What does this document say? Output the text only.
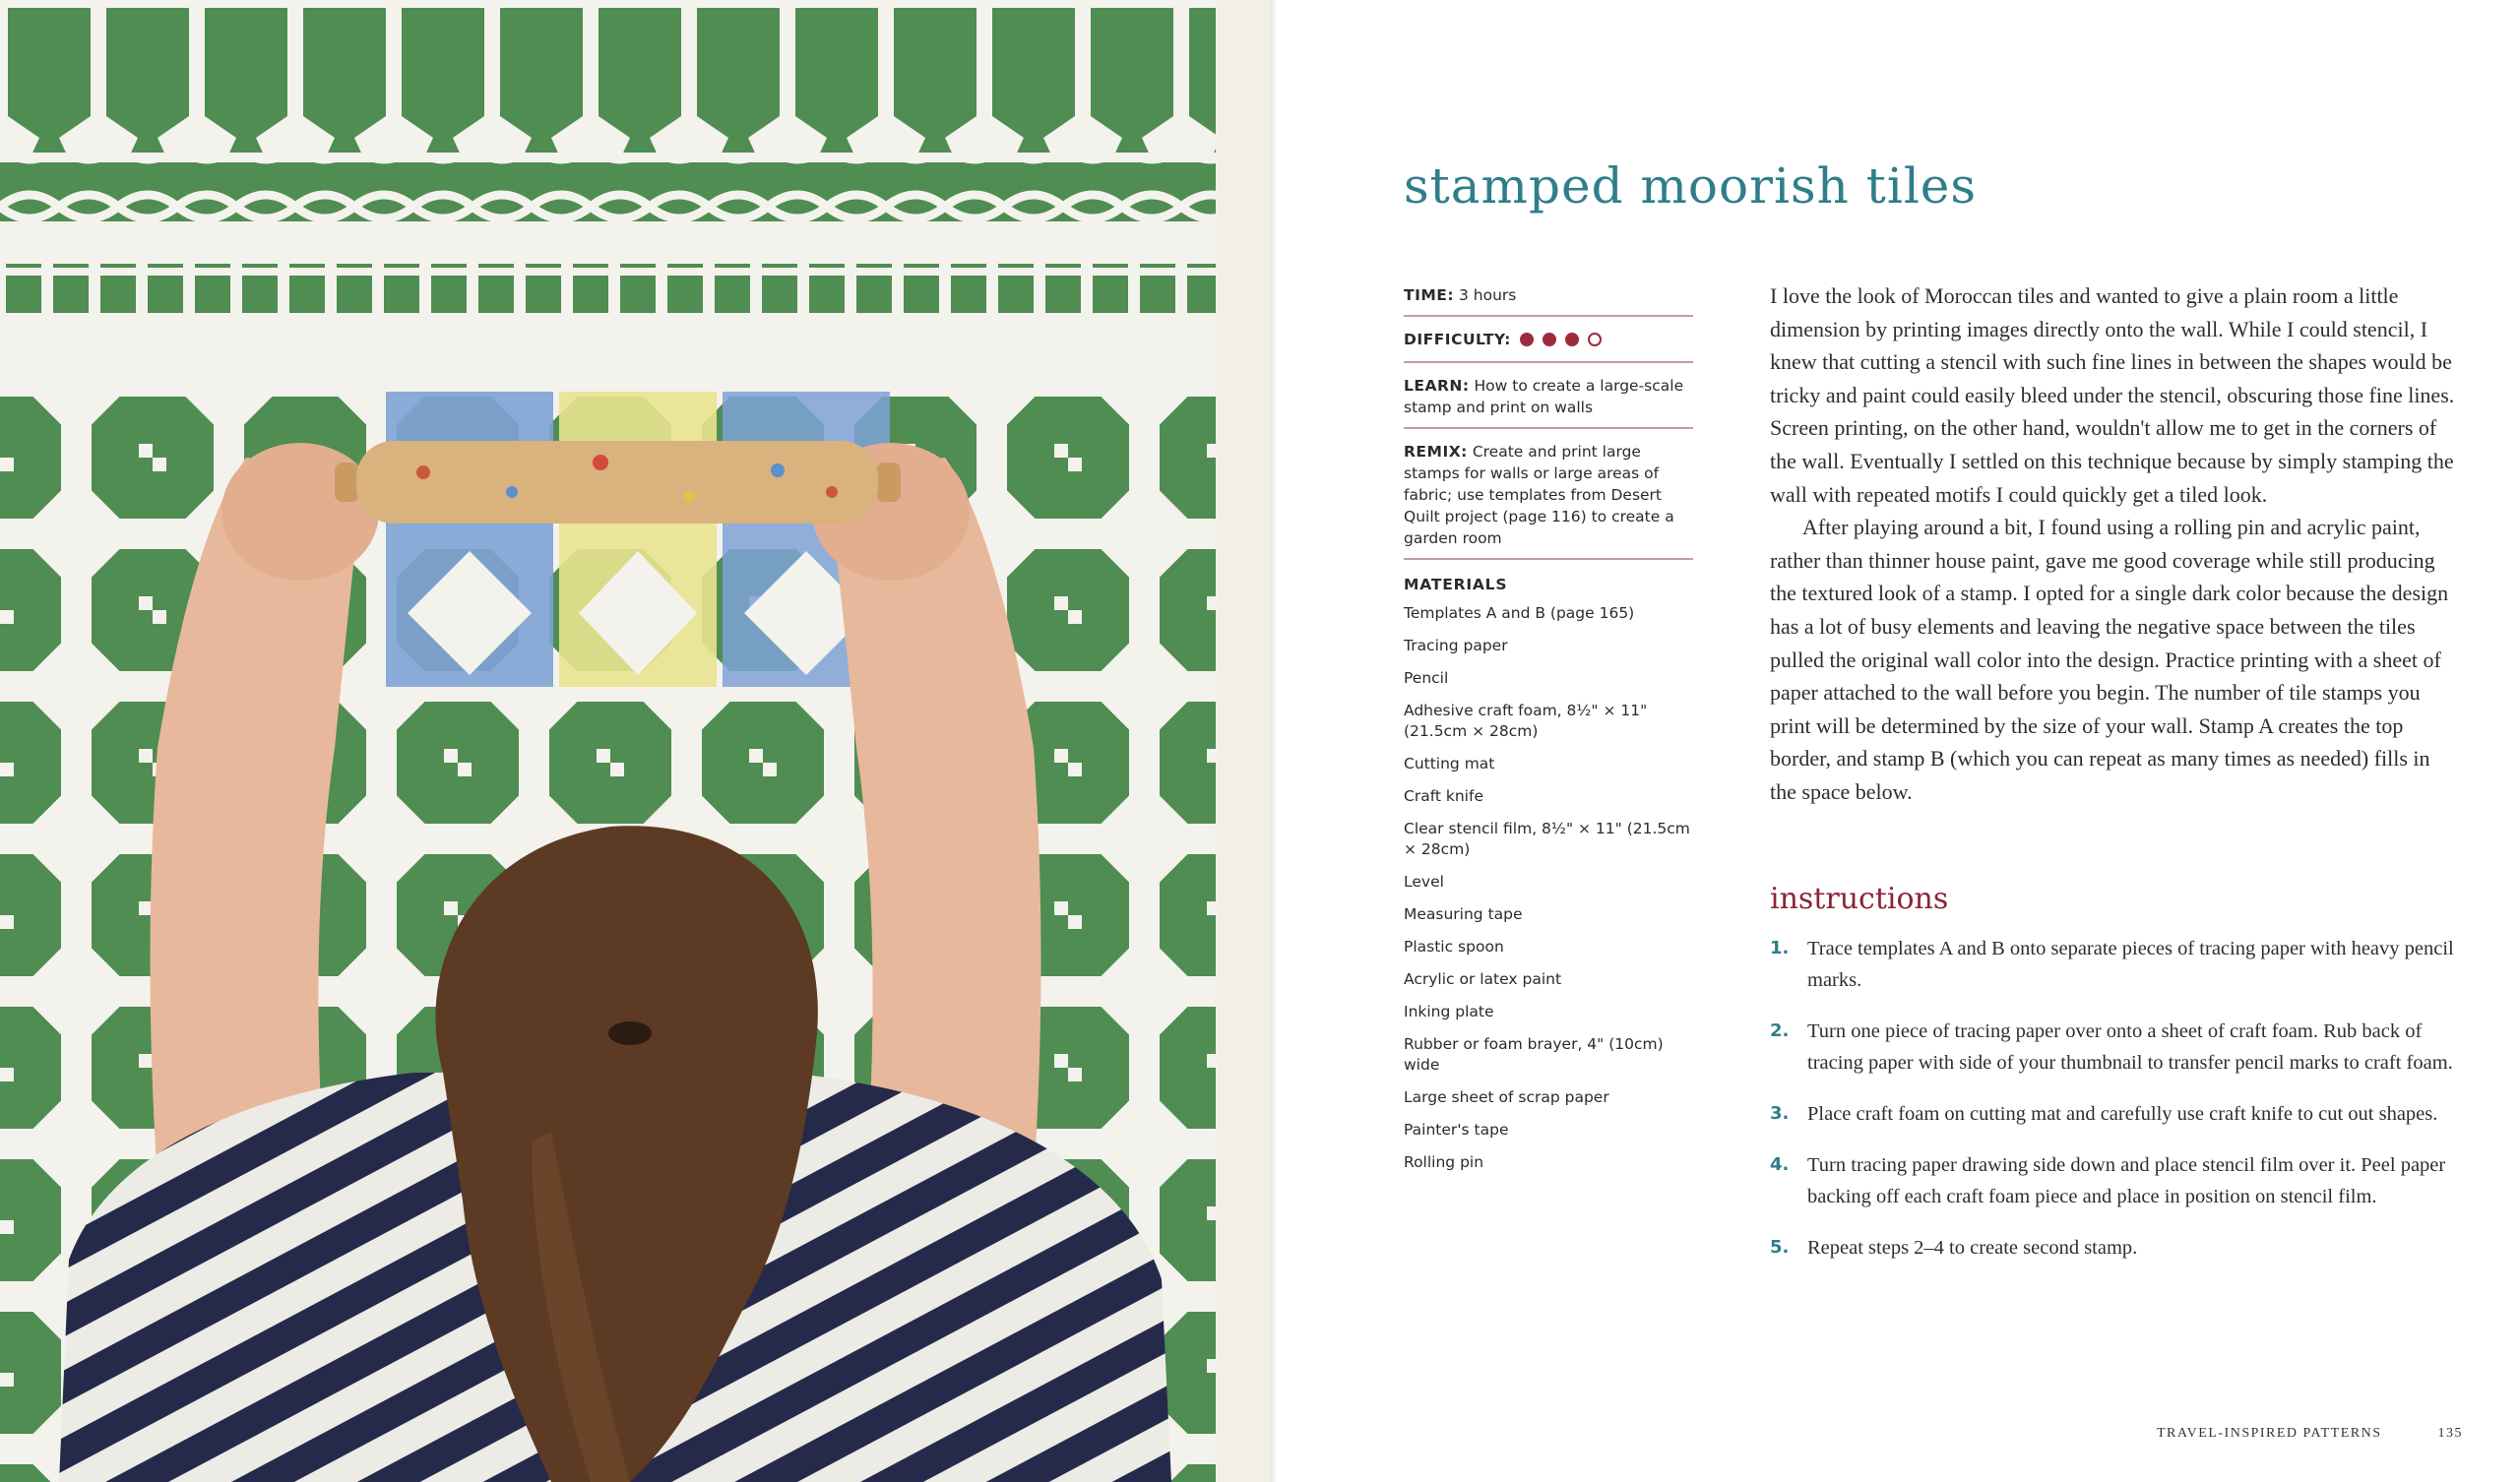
stamped moorish tiles
TIME: 3 hours
DIFFICULTY:
LEARN: How to create a large-scale stamp and print on walls
REMIX: Create and print large stamps for walls or large areas of fabric; use templates from Desert Quilt project (page 116) to create a garden room
MATERIALS
Templates A and B (page 165)
Tracing paper
Pencil
Adhesive craft foam, 8½" × 11" (21.5cm × 28cm)
Cutting mat
Craft knife
Clear stencil film, 8½" × 11" (21.5cm × 28cm)
Level
Measuring tape
Plastic spoon
Acrylic or latex paint
Inking plate
Rubber or foam brayer, 4" (10cm) wide
Large sheet of scrap paper
Painter's tape
Rolling pin

I love the look of Moroccan tiles and wanted to give a plain room a little dimension by printing images directly onto the wall. While I could stencil, I knew that cutting a stencil with such fine lines in between the shapes would be tricky and paint could easily bleed under the stencil, obscuring those fine lines. Screen printing, on the other hand, wouldn't allow me to get in the corners of the wall. Eventually I settled on this technique because by simply stamping the wall with repeated motifs I could quickly get a tiled look.

After playing around a bit, I found using a rolling pin and acrylic paint, rather than thinner house paint, gave me good coverage while still producing the textured look of a stamp. I opted for a single dark color because the design has a lot of busy elements and leaving the negative space between the tiles pulled the original wall color into the design. Practice printing with a sheet of paper attached to the wall before you begin. The number of tile stamps you print will be determined by the size of your wall. Stamp A creates the top border, and stamp B (which you can repeat as many times as needed) fills in the space below.

instructions
1. Trace templates A and B onto separate pieces of tracing paper with heavy pencil marks.
2. Turn one piece of tracing paper over onto a sheet of craft foam. Rub back of tracing paper with side of your thumbnail to transfer pencil marks to craft foam.
3. Place craft foam on cutting mat and carefully use craft knife to cut out shapes.
4. Turn tracing paper drawing side down and place stencil film over it. Peel paper backing off each craft foam piece and place in position on stencil film.
5. Repeat steps 2–4 to create second stamp.
TRAVEL-INSPIRED PATTERNS	135
